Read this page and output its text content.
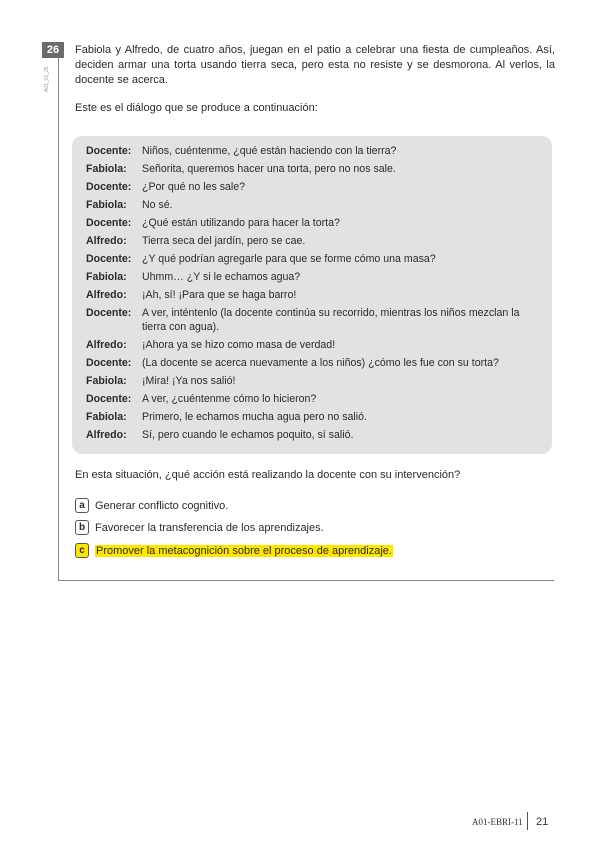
26
A01_01_26

Fabiola y Alfredo, de cuatro años, juegan en el patio a celebrar una fiesta de cumpleaños. Así, deciden armar una torta usando tierra seca, pero esta no resiste y se desmorona. Al verlos, la docente se acerca.

Este es el diálogo que se produce a continuación:

Docente:	Niños, cuéntenme, ¿qué están haciendo con la tierra?
Fabiola:	Señorita, queremos hacer una torta, pero no nos sale.
Docente:	¿Por qué no les sale?
Fabiola:	No sé.
Docente:	¿Qué están utilizando para hacer la torta?
Alfredo:	Tierra seca del jardín, pero se cae.
Docente:	¿Y qué podrían agregarle para que se forme cómo una masa?
Fabiola:	Uhmm… ¿Y si le echamos agua?
Alfredo:	¡Ah, sí! ¡Para que se haga barro!
Docente:	A ver, inténtenlo (la docente continúa su recorrido, mientras los niños mezclan la tierra con agua).
Alfredo:	¡Ahora ya se hizo como masa de verdad!
Docente:	(La docente se acerca nuevamente a los niños) ¿cómo les fue con su torta?
Fabiola:	¡Mira! ¡Ya nos salió!
Docente:	A ver, ¿cuéntenme cómo lo hicieron?
Fabiola:	Primero, le echamos mucha agua pero no salió.
Alfredo:	Sí, pero cuando le echamos poquito, sí salió.

En esta situación, ¿qué acción está realizando la docente con su intervención?

a Generar conflicto cognitivo.
b Favorecer la transferencia de los aprendizajes.
c	Promover la metacognición sobre el proceso de aprendizaje.
A01-EBRI-11 21
